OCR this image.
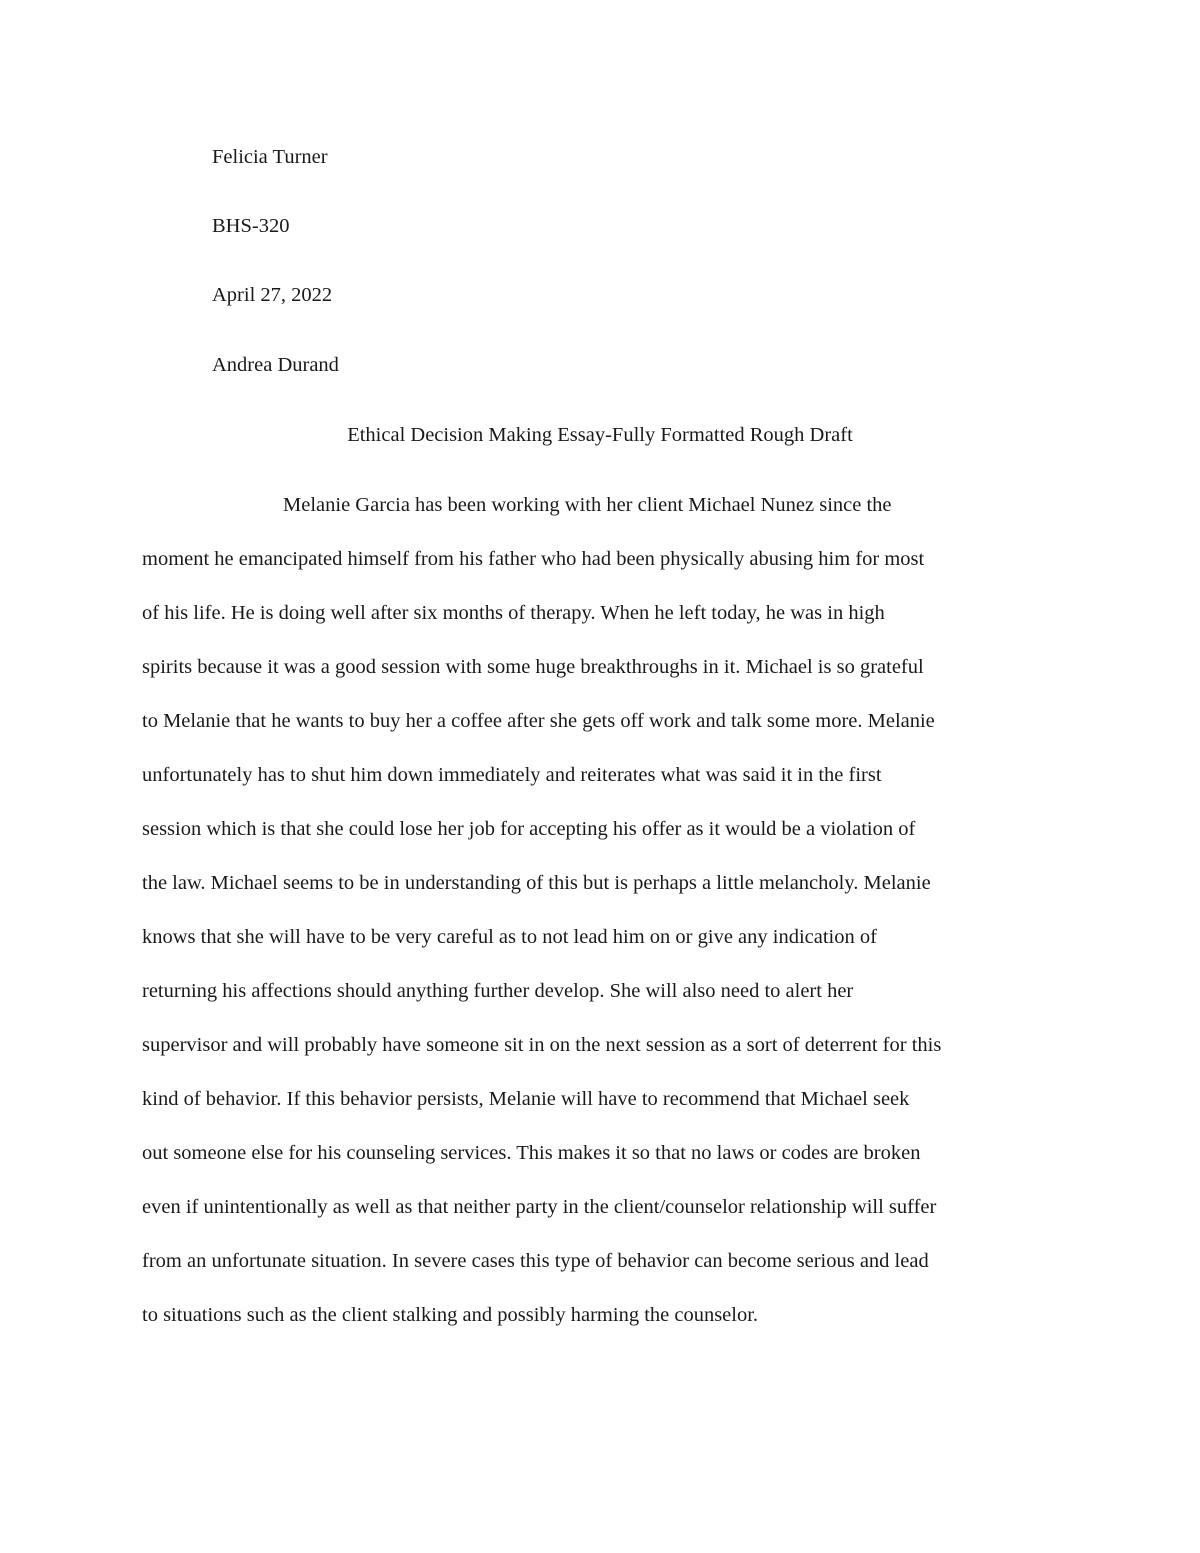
Felicia Turner
BHS-320
April 27, 2022
Andrea Durand
Ethical Decision Making Essay-Fully Formatted Rough Draft
Melanie Garcia has been working with her client Michael Nunez since the
moment he emancipated himself from his father who had been physically abusing him for most
of his life. He is doing well after six months of therapy. When he left today, he was in high
spirits because it was a good session with some huge breakthroughs in it. Michael is so grateful
to Melanie that he wants to buy her a coffee after she gets off work and talk some more. Melanie
unfortunately has to shut him down immediately and reiterates what was said it in the first
session which is that she could lose her job for accepting his offer as it would be a violation of
the law. Michael seems to be in understanding of this but is perhaps a little melancholy. Melanie
knows that she will have to be very careful as to not lead him on or give any indication of
returning his affections should anything further develop. She will also need to alert her
supervisor and will probably have someone sit in on the next session as a sort of deterrent for this
kind of behavior. If this behavior persists, Melanie will have to recommend that Michael seek
out someone else for his counseling services. This makes it so that no laws or codes are broken
even if unintentionally as well as that neither party in the client/counselor relationship will suffer
from an unfortunate situation. In severe cases this type of behavior can become serious and lead
to situations such as the client stalking and possibly harming the counselor.
